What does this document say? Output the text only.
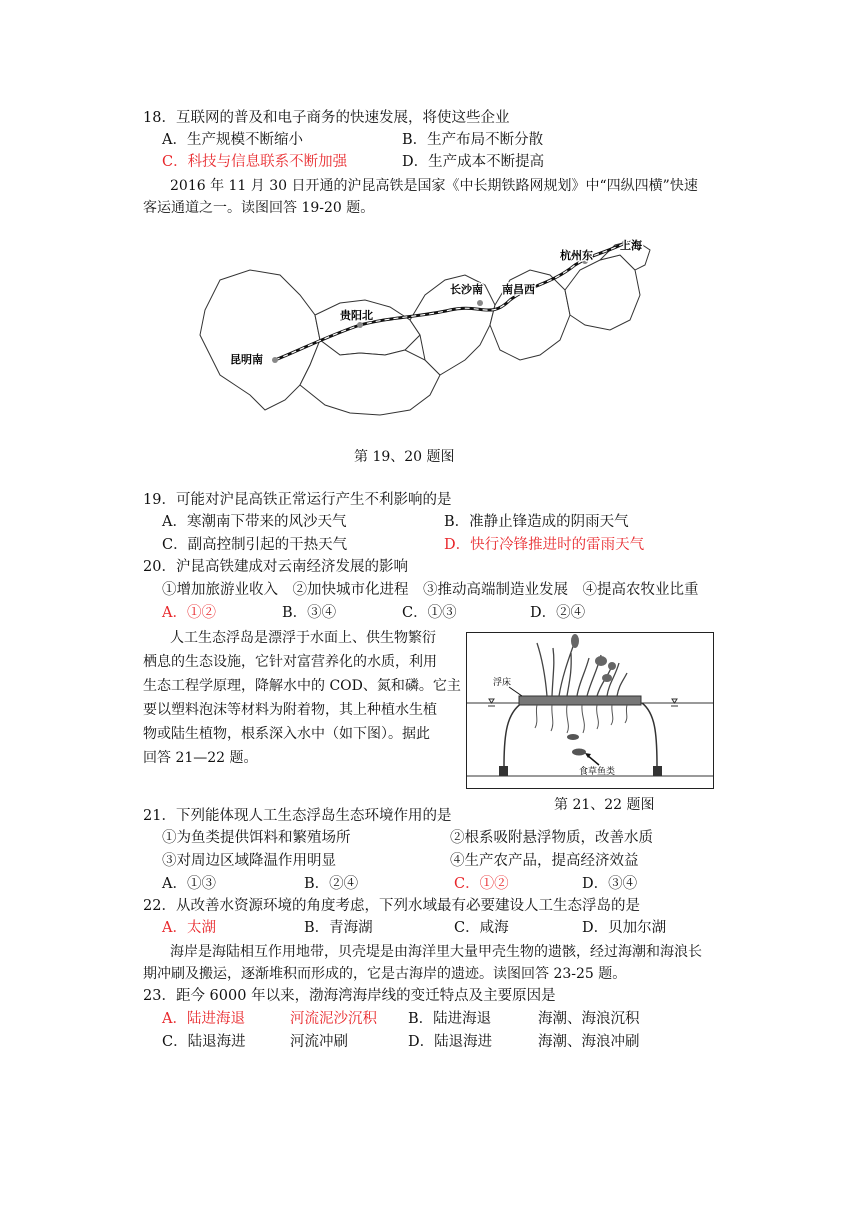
18．互联网的普及和电子商务的快速发展，将使这些企业
A．生产规模不断缩小	B．生产布局不断分散
C．科技与信息联系不断加强	D．生产成本不断提高
2016 年 11 月 30 日开通的沪昆高铁是国家《中长期铁路网规划》中“四纵四横”快速
客运通道之一。读图回答 19-20 题。
昆明南
贵阳北
长沙南 南昌西
杭州东
上海
第 19、20 题图
19．可能对沪昆高铁正常运行产生不利影响的是
A．寒潮南下带来的风沙天气	B．准静止锋造成的阴雨天气
C．副高控制引起的干热天气	D．快行冷锋推进时的雷雨天气
20．沪昆高铁建成对云南经济发展的影响
①增加旅游业收入　②加快城市化进程　③推动高端制造业发展　④提高农牧业比重
A．①②	B．③④	C．①③	D．②④
人工生态浮岛是漂浮于水面上、供生物繁衍
栖息的生态设施，它针对富营养化的水质，利用
生态工程学原理，降解水中的 COD、氮和磷。它主
要以塑料泡沫等材料为附着物，其上种植水生植
物或陆生植物，根系深入水中（如下图）。据此
回答 21—22 题。
浮床
食草鱼类
第 21、22 题图
21．下列能体现人工生态浮岛生态环境作用的是
①为鱼类提供饵料和繁殖场所	②根系吸附悬浮物质，改善水质
③对周边区域降温作用明显	④生产农产品，提高经济效益
A．①③	B．②④	C．①②	D．③④
22．从改善水资源环境的角度考虑，下列水域最有必要建设人工生态浮岛的是
A．太湖	B．青海湖	C．咸海	D．贝加尔湖
海岸是海陆相互作用地带，贝壳堤是由海洋里大量甲壳生物的遗骸，经过海潮和海浪长
期冲刷及搬运，逐渐堆积而形成的，它是古海岸的遗迹。读图回答 23-25 题。
23．距今 6000 年以来，渤海湾海岸线的变迁特点及主要原因是
A．陆进海退	河流泥沙沉积 B．陆进海退	海潮、海浪沉积
C．陆退海进	河流冲刷	D．陆退海进	海潮、海浪冲刷
